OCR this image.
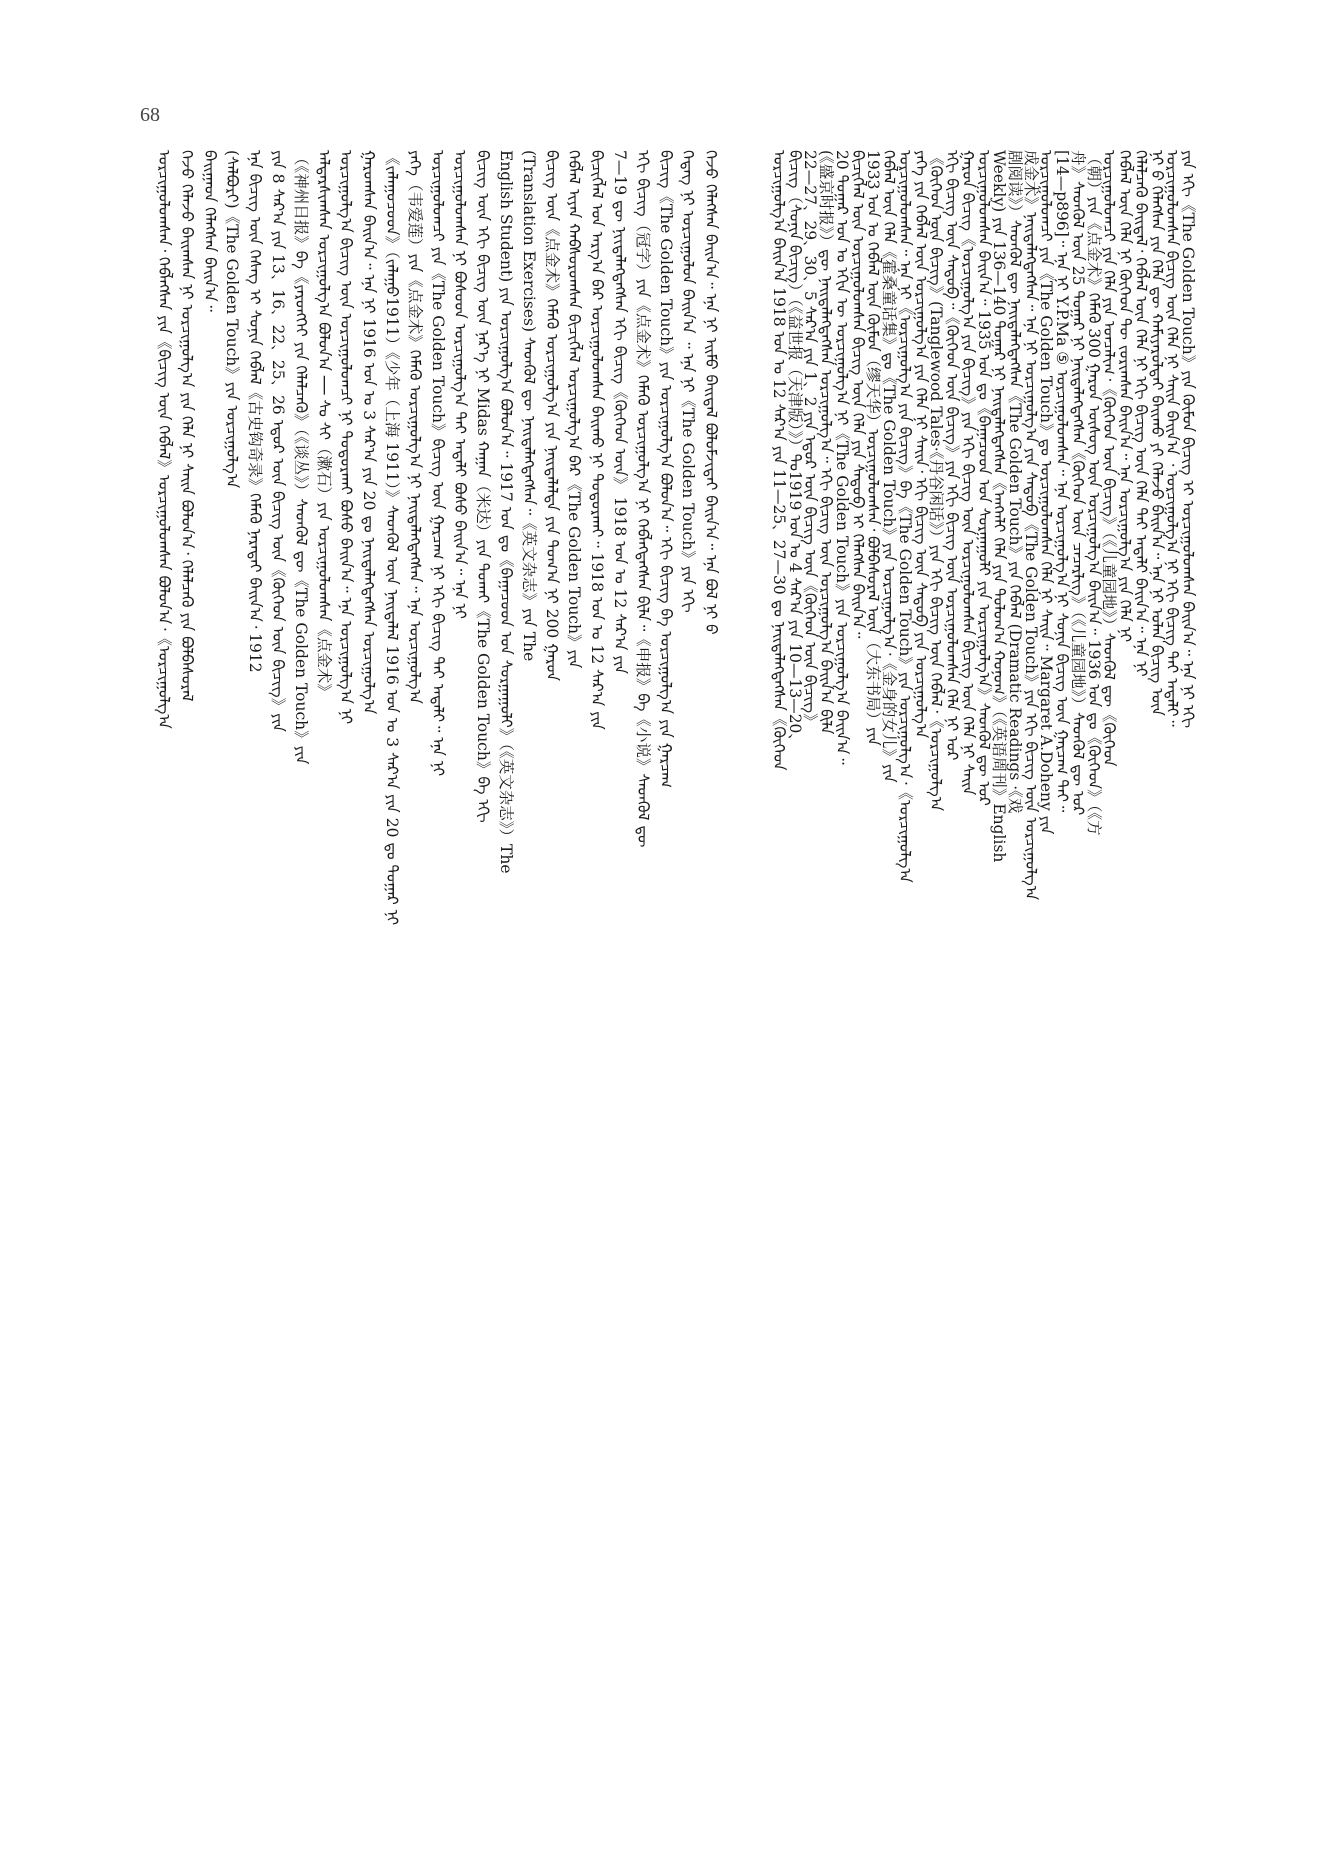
68
ᠭᠡᠵᠦ ᠬᠡᠯᠡᠭᠰᠡᠨ ᠪᠠᠢᠨ᠎ᠠ᠃ ᠡᠨᠡ ᠨᠢ ᠡᠢᠮᠦ ᠪᠠᠢᠳᠠᠯ ᠪᠤᠯᠤᠮᠵᠢᠲᠠᠢ ᠪᠠᠢᠨ᠎ᠠ᠃ ᠡᠨᠡ ᠪᠣᠯ ᠨᠢ ᠪ
ᠭᠡᠳᠡᠭ ᠨᠢ ᠣᠷᠴᠢᠭᠤᠯᠤᠨ ᠪᠠᠢᠨ᠎ᠠ ᠃ ᠡᠨᠡ ᠨᠢ《The Golden Touch》ᠶᠢᠨ ᠡᠬᠢ
ᠪᠢᠴᠢᠭ《The Golden Touch》ᠶᠢᠨ ᠣᠷᠴᠢᠭᠤᠯᠭ᠎ᠠ ᠪᠣᠯᠤᠨ᠎ᠠ᠃ ᠡᠬᠢ ᠪᠢᠴᠢᠭ ᠪᠠ ᠣᠷᠴᠢᠭᠤᠯᠭ᠎ᠠ ᠶᠢᠨ ᠭᠠᠷᠴᠠᠭ
ᠡᠬᠢ ᠪᠢᠴᠢᠭ（冠字）ᠶᠢᠨ《点金术》ᠬᠡᠮᠡᠬᠦ ᠣᠷᠴᠢᠭᠤᠯᠭ᠎ᠠ ᠨᠢ ᠬᠡᠪᠯᠡᠭᠳᠡᠭᠰᠡᠨ ᠪᠢᠯᠡ᠃《申报》ᠪᠠ《小说》ᠰᠡᠳᠭᠦᠯ ᠳᠦ
7—19 ᠳᠦ ᠨᠢᠢᠲᠡᠯᠡᠭᠳᠡᠭᠰᠡᠨ ᠡᠬᠢ ᠪᠢᠴᠢᠭ《ᠬᠦᠬᠡᠳ ᠦᠨ》 1918 ᠣᠨ ᠤ 12 ᠰᠠᠷ᠎ᠠ ᠶᠢᠨ
ᠪᠢᠴᠢᠭᠯᠡᠯ ᠤᠨ ᠠᠷᠭ᠎ᠠ ᠪᠠᠷ ᠣᠷᠴᠢᠭᠤᠯᠤᠭᠰᠠᠨ ᠪᠠᠢᠬᠤ ᠨᠢ ᠳᠣᠳᠣᠷᠬᠠᠢ᠃ 1918 ᠣᠨ ᠤ 12 ᠰᠠᠷ᠎ᠠ ᠶᠢᠨ
ᠬᠡᠪᠯᠡᠯ ᠢᠶᠡᠨ ᠬᠠᠪᠰᠤᠷᠤᠭᠰᠠᠨ ᠪᠢᠴᠢᠭᠯᠡᠯ ᠣᠷᠴᠢᠭᠤᠯᠭ᠎ᠠ ᠪᠠᠷ《The Golden Touch》ᠶᠢᠨ
ᠪᠢᠴᠢᠭ ᠦᠨ《点金术》ᠬᠡᠮᠡᠬᠦ ᠣᠷᠴᠢᠭᠤᠯᠭ᠎ᠠ ᠶᠢᠨ ᠨᠡᠢᠲᠡᠯᠡᠯᠲᠡ ᠶᠢᠨ ᠲᠣᠭ᠎ᠠ ᠨᠢ 200 ᠭᠠᠷᠤᠨ
(Translation Exercises) ᠰᠡᠳᠭᠦᠯ ᠳᠦ ᠨᠡᠢᠲᠡᠯᠡᠭᠳᠡᠭᠰᠡᠨ᠃《英文杂志》ᠶᠢᠨ The
English Student) ᠶᠢᠨ ᠣᠷᠴᠢᠭᠤᠯᠭ᠎ᠠ ᠪᠣᠯᠤᠨ᠎ᠠ᠃ 1917 ᠣᠨ ᠳᠤ《ᠪᠠᠭᠠᠴᠤᠳ ᠤᠨ ᠰᠤᠷᠭᠠᠭᠤᠯᠢ》（《英文杂志》）The
ᠪᠢᠴᠢᠭ ᠦᠨ ᠡᠬᠢ ᠪᠢᠴᠢᠭ ᠦᠨ ᠨᠡᠷ᠎ᠡ ᠨᠢ Midas ᠬᠠᠭᠠᠨ（米达）ᠶᠢᠨ ᠲᠤᠬᠠᠢ《The Golden Touch》ᠪᠠ ᠡᠬᠢ
ᠣᠷᠴᠢᠭᠤᠯᠤᠭᠰᠠᠨ ᠨᠢ ᠪᠤᠰᠤᠳ ᠣᠷᠴᠢᠭᠤᠯᠭ᠎ᠠ ᠲᠠᠢ ᠠᠳᠠᠯᠢ ᠪᠤᠰᠤ ᠪᠠᠢᠨ᠎ᠠ᠃ ᠡᠨᠡ ᠨᠢ
ᠣᠷᠴᠢᠭᠤᠯᠤᠭᠴᠢ ᠶᠢᠨ《The Golden Touch》ᠪᠢᠴᠢᠭ ᠦᠨ ᠭᠠᠷᠴᠠᠭ ᠨᠢ ᠡᠬᠢ ᠪᠢᠴᠢᠭ ᠲᠡᠢ ᠠᠳᠠᠯᠢ᠃ ᠡᠨᠡ ᠨᠢ
ᠶᠡᠬᠡ（韦爱莲）ᠶᠢᠨ《点金术》ᠬᠡᠮᠡᠬᠦ ᠣᠷᠴᠢᠭᠤᠯᠭ᠎ᠠ ᠨᠢ ᠨᠡᠢᠲᠡᠯᠡᠭᠳᠡᠭᠰᠡᠨ᠃ ᠡᠨᠡ ᠣᠷᠴᠢᠭᠤᠯᠭ᠎ᠠ
《ᠵᠠᠯᠠᠭᠤᠴᠤᠳ》（ᠵᠠᠯᠠᠭᠤ1911）《少年（上海 1911）》ᠰᠡᠳᠭᠦᠯ ᠦᠨ ᠨᠡᠢᠲᠡᠯᠡᠯ 1916 ᠣᠨ ᠤ 3 ᠰᠠᠷ᠎ᠠ ᠶᠢᠨ 20 ᠳᠤ ᠳᠤᠭᠠᠷ ᠨᠢ
ᠭᠠᠷᠤᠭᠰᠠᠨ ᠪᠠᠢᠨ᠎ᠠ᠃ ᠡᠨᠡ ᠨᠢ 1916 ᠣᠨ ᠤ 3 ᠰᠠᠷ᠎ᠠ ᠶᠢᠨ 20 ᠳᠤ ᠨᠡᠢᠲᠡᠯᠡᠭᠳᠡᠭᠰᠡᠨ ᠣᠷᠴᠢᠭᠤᠯᠭ᠎ᠠ
ᠣᠷᠴᠢᠭᠤᠯᠭ᠎ᠠ ᠪᠢᠴᠢᠭ ᠦᠨ ᠣᠷᠴᠢᠭᠤᠯᠤᠭᠴᠢ ᠨᠢ ᠲᠣᠳᠣᠷᠬᠠᠢ ᠪᠤᠰᠤ ᠪᠠᠢᠨ᠎ᠠ᠃ ᠡᠨᠡ ᠣᠷᠴᠢᠭᠤᠯᠭ᠎ᠠ ᠨᠢ
ᠠᠯᠳᠠᠷᠰᠢᠭᠰᠠᠨ ᠣᠷᠴᠢᠭᠤᠯᠭ᠎ᠠ ᠪᠣᠯᠤᠨ᠎ᠠ ── ᠰᠤ ᠰᠢ（漱石）ᠶᠢᠨ ᠣᠷᠴᠢᠭᠤᠯᠤᠭᠰᠠᠨ《点金术》
（《神州日报》ᠪᠠ《ᠶᠡᠷᠦᠩᠬᠡᠢ ᠶᠢᠨ ᠬᠡᠯᠡᠯᠴᠡᠬᠦ》（《谈丛》）ᠰᠡᠳᠭᠦᠯ ᠳᠦ《The Golden Touch》ᠶᠢᠨ
ᠶᠢᠨ 8 ᠰᠠᠷ᠎ᠠ ᠶᠢᠨ 13、16、22、25、26 ᠡᠳᠦᠷ ᠦᠨ ᠪᠢᠴᠢᠭ ᠦᠨ《ᠬᠦᠬᠡᠳ ᠦᠨ ᠪᠢᠴᠢᠭ》ᠶᠢᠨ
ᠡᠨᠡ ᠪᠢᠴᠢᠭ ᠦᠨ ᠬᠡᠰᠡᠭ ᠢ ᠰᠣᠨᠢᠨ ᠬᠡᠪᠯᠡᠯ《古史钩奇录》ᠬᠡᠮᠡᠬᠦ ᠨᠡᠷᠡᠲᠡᠢ ᠪᠠᠢᠨ᠎ᠠ᠂ 1912
(ᠰᠠᠯᠪᠤᠷᠢ)《The Golden Touch》ᠶᠢᠨ ᠣᠷᠴᠢᠭᠤᠯᠭ᠎ᠠ
ᠪᠠᠢᠭᠠᠳ ᠬᠡᠯᠡᠭᠰᠡᠨ ᠪᠠᠢᠨ᠎ᠠ᠃
ᠭᠡᠵᠦ ᠬᠡᠯᠡᠵᠦ ᠪᠠᠢᠭᠰᠠᠨ ᠨᠢ ᠣᠷᠴᠢᠭᠤᠯᠭ᠎ᠠ ᠶᠢᠨ ᠬᠡᠯᠡ ᠨᠢ ᠰᠠᠢᠨ ᠪᠣᠯᠤᠨ᠎ᠠ᠂ ᠬᠡᠯᠡᠯᠴᠡᠬᠦ ᠶᠢᠨ ᠪᠣᠯᠪᠠᠰᠤᠷᠠᠯ
ᠣᠷᠴᠢᠭᠤᠯᠤᠭᠰᠠᠨ᠂ ᠬᠡᠪᠯᠡᠭᠰᠡᠨ ᠶᠢᠨ《ᠪᠢᠴᠢᠭ ᠦᠨ ᠬᠡᠪᠯᠡᠯ》ᠣᠷᠴᠢᠭᠤᠯᠤᠭᠰᠠᠨ ᠪᠣᠯᠤᠨ᠎ᠠ᠂《ᠣᠷᠴᠢᠭᠤᠯᠭ᠎ᠠ	ᠶᠢᠨ ᠡᠬᠢ《The Golden Touch》ᠶᠢᠨ ᠬᠦᠮᠦᠨ ᠪᠢᠴᠢᠭ ᠢ ᠣᠷᠴᠢᠭᠤᠯᠤᠭᠰᠠᠨ ᠪᠠᠢᠨ᠎ᠠ᠃ ᠡᠨᠡ ᠨᠢ ᠡᠬᠢ
ᠣᠷᠴᠢᠭᠤᠯᠤᠭᠰᠠᠨ ᠪᠢᠴᠢᠭ ᠦᠨ ᠬᠡᠯᠡ ᠨᠢ ᠰᠠᠢᠨ ᠪᠠᠢᠨ᠎ᠠ ᠂ ᠣᠷᠴᠢᠭᠤᠯᠭ᠎ᠠ ᠨᠢ ᠡᠬᠢ ᠪᠢᠴᠢᠭ ᠲᠡᠢ ᠠᠳᠠᠯᠢ᠃
ᠨᠢ ᠪ ᠬᠡᠯᠡᠭᠰᠡᠨ ᠶᠢᠨ ᠬᠡᠯᠡ ᠳᠦ ᠬᠠᠮᠢᠶᠠᠷᠤᠯᠲᠠᠢ ᠪᠠᠢᠬᠤ ᠶᠢ ᠬᠡᠯᠡᠵᠦ ᠪᠠᠢᠨ᠎ᠠ᠃ ᠡᠨᠡ ᠨᠢ ᠣᠯᠠᠨ ᠪᠢᠴᠢᠭ ᠦᠨ
ᠬᠡᠯᠡᠯᠴᠡᠬᠦ ᠪᠠᠢᠳᠠᠯ᠂ ᠬᠡᠪᠯᠡᠯ ᠦᠨ ᠬᠡᠯᠡ ᠨᠢ ᠡᠬᠢ ᠪᠢᠴᠢᠭ ᠦᠨ ᠬᠡᠯᠡ ᠲᠡᠢ ᠠᠳᠠᠯᠢ ᠪᠠᠢᠨ᠎ᠠ᠃ ᠡᠨᠡ ᠨᠢ
ᠬᠡᠪᠯᠡᠯ ᠦᠨ ᠬᠡᠯᠡ ᠨᠢ ᠬᠦᠬᠡᠳ ᠲᠦ ᠵᠣᠷᠢᠭᠰᠠᠨ ᠪᠠᠢᠨ᠎ᠠ᠃ ᠡᠨᠡ ᠣᠷᠴᠢᠭᠤᠯᠭ᠎ᠠ ᠶᠢᠨ ᠬᠡᠯᠡ ᠨᠢ
ᠣᠷᠴᠢᠭᠤᠯᠤᠭᠴᠢ ᠶᠢᠨ ᠬᠡᠯᠡ ᠶᠢᠨ ᠣᠨᠴᠠᠯᠢᠭ᠂《ᠬᠦᠬᠡᠳ ᠦᠨ ᠪᠢᠴᠢᠭ》（《儿童园地》）ᠰᠡᠳᠭᠦᠯ ᠳᠦ《ᠬᠦᠬᠡᠳ
（朝）ᠶᠢᠨ《点金术》ᠬᠡᠮᠡᠬᠦ 300 ᠭᠠᠷᠤᠨ ᠦᠰᠦᠭ ᠦᠨ ᠣᠷᠴᠢᠭᠤᠯᠭ᠎ᠠ ᠪᠠᠢᠨ᠎ᠠ᠃ 1936 ᠣᠨ ᠳᠤ《ᠬᠦᠬᠡᠳ》（《方
舟》ᠰᠡᠳᠭᠦᠯ ᠦᠨ 25 ᠳᠤᠭᠠᠷ ᠨᠢ ᠨᠡᠢᠲᠡᠯᠡᠭᠳᠡᠭᠰᠡᠨ《ᠬᠦᠬᠡᠳ ᠦᠨ ᠴᠡᠴᠡᠷᠯᠢᠭ》（《儿童园地》）ᠰᠡᠳᠭᠦᠯ ᠳᠦ ᠣᠷ
[14—p896]᠃ ᠡᠨᠡ ᠨᠢ Y.P.Ma ⑤ ᠣᠷᠴᠢᠭᠤᠯᠤᠭᠰᠠᠨ᠃ ᠡᠨᠡ ᠣᠷᠴᠢᠭᠤᠯᠭ᠎ᠠ ᠨᠢ ᠰᠣᠨᠢᠨ ᠪᠢᠴᠢᠭ ᠦᠨ ᠭᠠᠷᠴᠠᠭ ᠲᠠᠢ᠃
ᠣᠷᠴᠢᠭᠤᠯᠤᠭᠴᠢ ᠶᠢᠨ《The Golden Touch》ᠳᠤ ᠣᠷᠴᠢᠭᠤᠯᠤᠭᠰᠠᠨ ᠬᠡᠯᠡ ᠨᠢ ᠰᠠᠢᠨ᠃ Margaret A.Doheny ᠶᠢᠨ
成金术》ᠨᠡᠢᠲᠡᠯᠡᠭᠳᠡᠭᠰᠡᠨ᠃ ᠡᠨᠡ ᠨᠢ ᠣᠷᠴᠢᠭᠤᠯᠭ᠎ᠠ ᠶᠢᠨ ᠰᠡᠳᠦᠪ《The Golden Touch》ᠶᠢᠨ ᠡᠬᠢ ᠪᠢᠴᠢᠭ ᠦᠨ ᠣᠷᠴᠢᠭᠤᠯᠭ᠎ᠠ
剧阅读》）ᠰᠡᠳᠭᠦᠯ ᠳᠦ ᠨᠡᠢᠲᠡᠯᠡᠭᠳᠡᠭᠰᠡᠨ《The Golden Touch》ᠶᠢᠨ ᠬᠡᠪᠯᠡᠯ (Dramatic Readings ·《戏
Weekly) ᠶᠢᠨ 136—140 ᠳᠤᠭᠠᠷ ᠨᠢ ᠨᠡᠢᠲᠡᠯᠡᠭᠳᠡᠭᠰᠡᠨ《ᠠᠩᠭ᠍ᠯᠢ ᠬᠡᠯᠡ ᠶᠢᠨ ᠳᠣᠯᠤᠭ᠎ᠠ ᠬᠣᠨᠣᠭ》（《英语周刊》English
ᠣᠷᠴᠢᠭᠤᠯᠤᠭᠰᠠᠨ ᠪᠠᠢᠨ᠎ᠠ᠃ 1935 ᠣᠨ ᠳᠤ《ᠪᠠᠭᠠᠴᠤᠳ ᠤᠨ ᠰᠤᠷᠭᠠᠭᠤᠯᠢ ᠶᠢᠨ ᠣᠷᠴᠢᠭᠤᠯᠭ᠎ᠠ》ᠰᠡᠳᠭᠦᠯ ᠳᠦ ᠣᠷ
ᠭᠠᠷᠤᠨ ᠪᠢᠴᠢᠭ《ᠣᠷᠴᠢᠭᠤᠯᠭ᠎ᠠ ᠶᠢᠨ ᠪᠢᠴᠢᠭ》ᠶᠢᠨ ᠡᠬᠢ ᠪᠢᠴᠢᠭ ᠦᠨ ᠣᠷᠴᠢᠭᠤᠯᠤᠭᠰᠠᠨ ᠪᠢᠴᠢᠭ ᠦᠨ ᠬᠡᠯᠡ ᠨᠢ ᠰᠠᠢᠨ
ᠡᠬᠢ ᠪᠢᠴᠢᠭ ᠦᠨ ᠰᠡᠳᠦᠪ᠃《ᠬᠦᠬᠡᠳ ᠦᠨ ᠪᠢᠴᠢᠭ》ᠶᠢᠨ ᠡᠬᠢ ᠪᠢᠴᠢᠭ ᠦᠨ ᠣᠷᠴᠢᠭᠤᠯᠤᠭᠰᠠᠨ ᠬᠡᠯᠡ ᠨᠢ ᠣᠷ
《ᠬᠦᠬᠡᠳ ᠦᠨ ᠪᠢᠴᠢᠭ》(Tanglewood Tales·《丹谷闲话》）ᠶᠢᠨ ᠡᠬᠢ ᠪᠢᠴᠢᠭ ᠦᠨ ᠬᠡᠪᠯᠡᠯ᠂《ᠣᠷᠴᠢᠭᠤᠯᠭ᠎ᠠ
ᠶᠡᠬᠡ ᠶᠢᠨ ᠬᠡᠪᠯᠡᠯ ᠦᠨ ᠣᠷᠴᠢᠭᠤᠯᠭ᠎ᠠ ᠶᠢᠨ ᠬᠡᠯᠡ ᠨᠢ ᠰᠠᠢᠨ᠂ ᠡᠬᠢ ᠪᠢᠴᠢᠭ ᠦᠨ ᠰᠡᠳᠦᠪ ᠶᠢᠨ ᠣᠷᠴᠢᠭᠤᠯᠭ᠎ᠠ
ᠣᠷᠴᠢᠭᠤᠯᠤᠭᠰᠠᠨ᠃ ᠡᠨᠡ ᠨᠢ《ᠣᠷᠴᠢᠭᠤᠯᠭ᠎ᠠ ᠶᠢᠨ ᠪᠢᠴᠢᠭ》ᠪᠠ《The Golden Touch》ᠶᠢᠨ ᠣᠷᠴᠢᠭᠤᠯᠭ᠎ᠠ᠂《ᠣᠷᠴᠢᠭᠤᠯᠭ᠎ᠠ
ᠬᠡᠪᠯᠡᠯ ᠦᠨ ᠬᠡᠯᠡ《霍桑童话集》ᠳᠤ《The Golden Touch》ᠶᠢᠨ ᠣᠷᠴᠢᠭᠤᠯᠭ᠎ᠠ᠂《金身的女儿》ᠶᠢᠨ
1933 ᠣᠨ ᠤ ᠬᠡᠪᠯᠡᠯ ᠦᠨ ᠬᠦᠮᠦᠨ（缪天华）ᠣᠷᠴᠢᠭᠤᠯᠤᠭᠰᠠᠨ᠂ ᠪᠣᠯᠪᠠᠰᠤᠷᠠᠯ ᠦᠨ（大东书局）ᠶᠢᠨ
ᠪᠢᠴᠢᠭᠯᠡᠯ ᠦᠨ ᠣᠷᠴᠢᠭᠤᠯᠤᠭᠰᠠᠨ ᠪᠢᠴᠢᠭ ᠦᠨ ᠬᠡᠯᠡ ᠶᠢᠨ ᠰᠡᠳᠦᠪ ᠢ ᠬᠡᠯᠡᠭᠰᠡᠨ ᠪᠠᠢᠨ᠎ᠠ᠃
20 ᠳᠤᠭᠠᠷ ᠣᠨ ᠤ ᠡᠬᠢᠨ ᠦ ᠣᠷᠴᠢᠭᠤᠯᠭ᠎ᠠ ᠨᠢ《The Golden Touch》ᠶᠢᠨ ᠣᠷᠴᠢᠭᠤᠯᠭ᠎ᠠ ᠪᠠᠢᠨ᠎ᠠ᠃
(《盛京时报》）ᠳᠦ ᠨᠡᠢᠲᠡᠯᠡᠭᠳᠡᠭᠰᠡᠨ ᠣᠷᠴᠢᠭᠤᠯᠭ᠎ᠠ᠃ ᠡᠬᠢ ᠪᠢᠴᠢᠭ ᠦᠨ ᠣᠷᠴᠢᠭᠤᠯᠭ᠎ᠠ ᠪᠠᠢᠨ᠎ᠠ ᠪᠢᠯᠡ
22—27、29、30、5 ᠰᠠᠷ᠎ᠠ ᠶᠢᠨ 1、2 ᠶᠢᠨ ᠡᠳᠦᠷ ᠦᠨ ᠪᠢᠴᠢᠭ ᠦᠨ《ᠬᠦᠬᠡᠳ ᠦᠨ ᠪᠢᠴᠢᠭ》
ᠪᠢᠴᠢᠭ（ᠰᠣᠨᠢᠨ ᠪᠢᠴᠢᠭ）（《益世报（天津版）》）ᠲᠤ1919 ᠣᠨ ᠤ 4 ᠰᠠᠷ᠎ᠠ ᠶᠢᠨ 10—13—20、
ᠣᠷᠴᠢᠭᠤᠯᠭ᠎ᠠ ᠪᠠᠢᠨ᠎ᠠ 1918 ᠣᠨ ᠤ 12 ᠰᠠᠷ᠎ᠠ ᠶᠢᠨ 11—25、27—30 ᠳᠤ ᠨᠡᠢᠲᠡᠯᠡᠭᠳᠡᠭᠰᠡᠨ《ᠬᠦᠬᠡᠳ
